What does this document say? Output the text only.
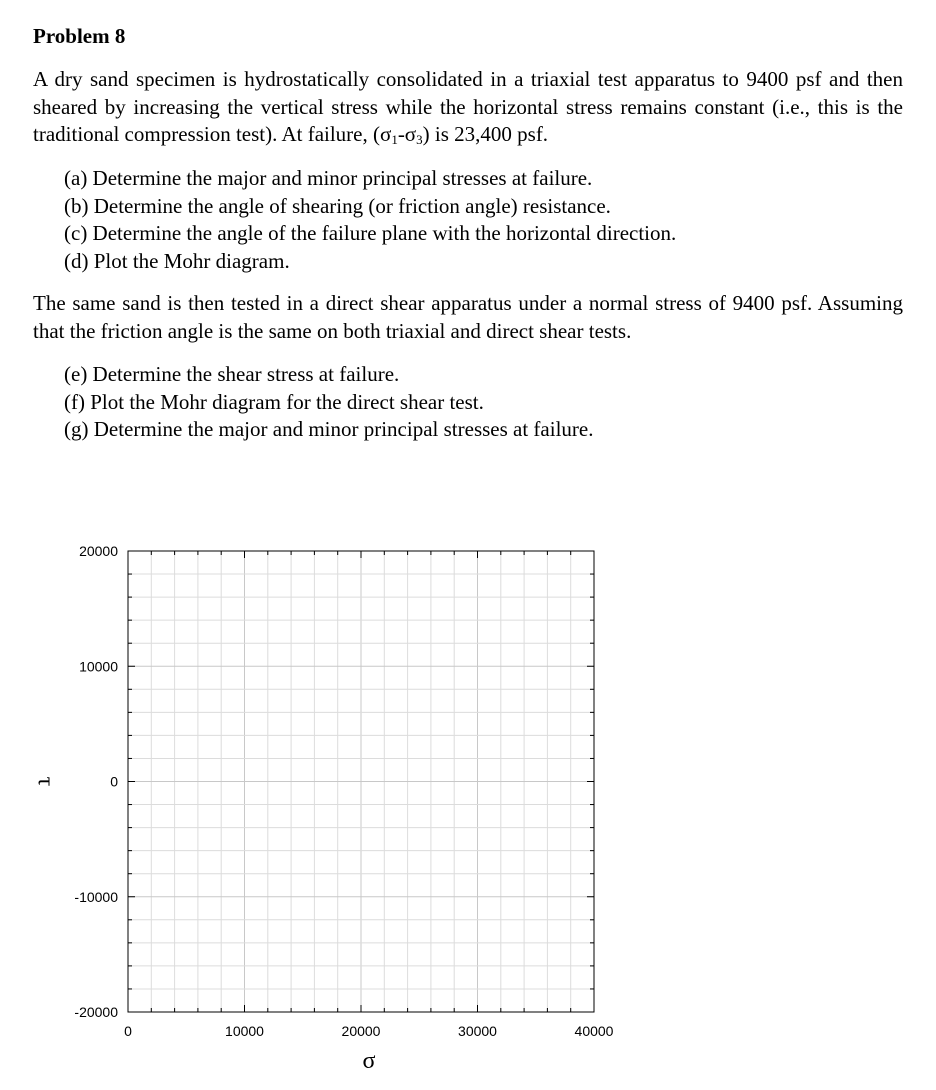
Problem 8

A dry sand specimen is hydrostatically consolidated in a triaxial test apparatus to 9400 psf and then sheared by increasing the vertical stress while the horizontal stress remains constant (i.e., this is the traditional compression test). At failure, $(\sigma_1-\sigma_3)$ is 23,400 psf.

(a) Determine the major and minor principal stresses at failure.
(b) Determine the angle of shearing (or friction angle) resistance.
(c) Determine the angle of the failure plane with the horizontal direction.
(d) Plot the Mohr diagram.

The same sand is then tested in a direct shear apparatus under a normal stress of 9400 psf. Assuming that the friction angle is the same on both triaxial and direct shear tests.

(e) Determine the shear stress at failure.
(f) Plot the Mohr diagram for the direct shear test.
(g) Determine the major and minor principal stresses at failure.
0	10000	20000	30000	40000
20000
10000
0
-10000
-20000
σ
τ
